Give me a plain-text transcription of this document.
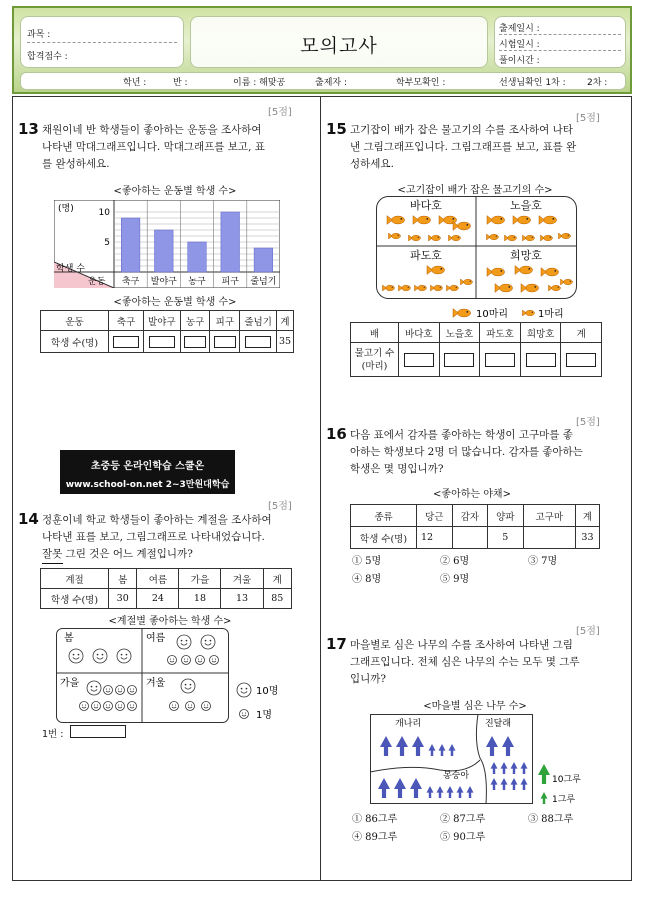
과목 :
합격점수 :	모의고사
출제일시 :
시험일시 :
풀이시간 :
학년 :	반 :	이름 : 해맞공	출제자 :	학부모확인 :	선생님확인 1차 : 2차 :
[5점]
13 채원이네 반 학생들이 좋아하는 운동을 조사하여
나타낸 막대그래프입니다. 막대그래프를 보고, 표
를 완성하세요.
<좋아하는 운동별 학생 수>
10
5
축구 발야구 농구 피구 줄넘기
(명)
학생 수
운동
<좋아하는 운동별 학생 수>
운동	축구	발야구	농구	피구	줄넘기	계
학생 수(명)						35
초중등 온라인학습 스쿨온
www.school-on.net 2~3만원대학습
[5점]
14 정훈이네 학교 학생들이 좋아하는 계절을 조사하여
나타낸 표를 보고, 그림그래프로 나타내었습니다.
잘못 그린 것은 어느 계절입니까?
계절	봄	여름	가을	겨울	계
학생 수(명)	30	24	18	13	85
<계절별 좋아하는 학생 수>
봄	여름
가을	겨울
10명
1명
1번 :
[5점]
15 고기잡이 배가 잡은 물고기의 수를 조사하여 나타
낸 그림그래프입니다. 그림그래프를 보고, 표를 완
성하세요.
<고기잡이 배가 잡은 물고기의 수>
바다호	노을호
파도호	희망호
10마리	1마리
배	바다호	노을호	파도호	희망호	계
물고기 수(마리)					
[5점]
16 다음 표에서 감자를 좋아하는 학생이 고구마를 좋
아하는 학생보다 2명 더 많습니다. 감자를 좋아하는
학생은 몇 명입니까?
<좋아하는 야채>
종류	당근	감자	양파	고구마	계
학생 수(명)	12		5		33
① 5명	② 6명	③ 7명
④ 8명	⑤ 9명
[5점]
17 마을별로 심은 나무의 수를 조사하여 나타낸 그림
그래프입니다. 전체 심은 나무의 수는 모두 몇 그루
입니까?
<마을별 심은 나무 수>
개나리	진달래
봉숭아	10그루
1그루
① 86그루	② 87그루	③ 88그루
④ 89그루	⑤ 90그루
